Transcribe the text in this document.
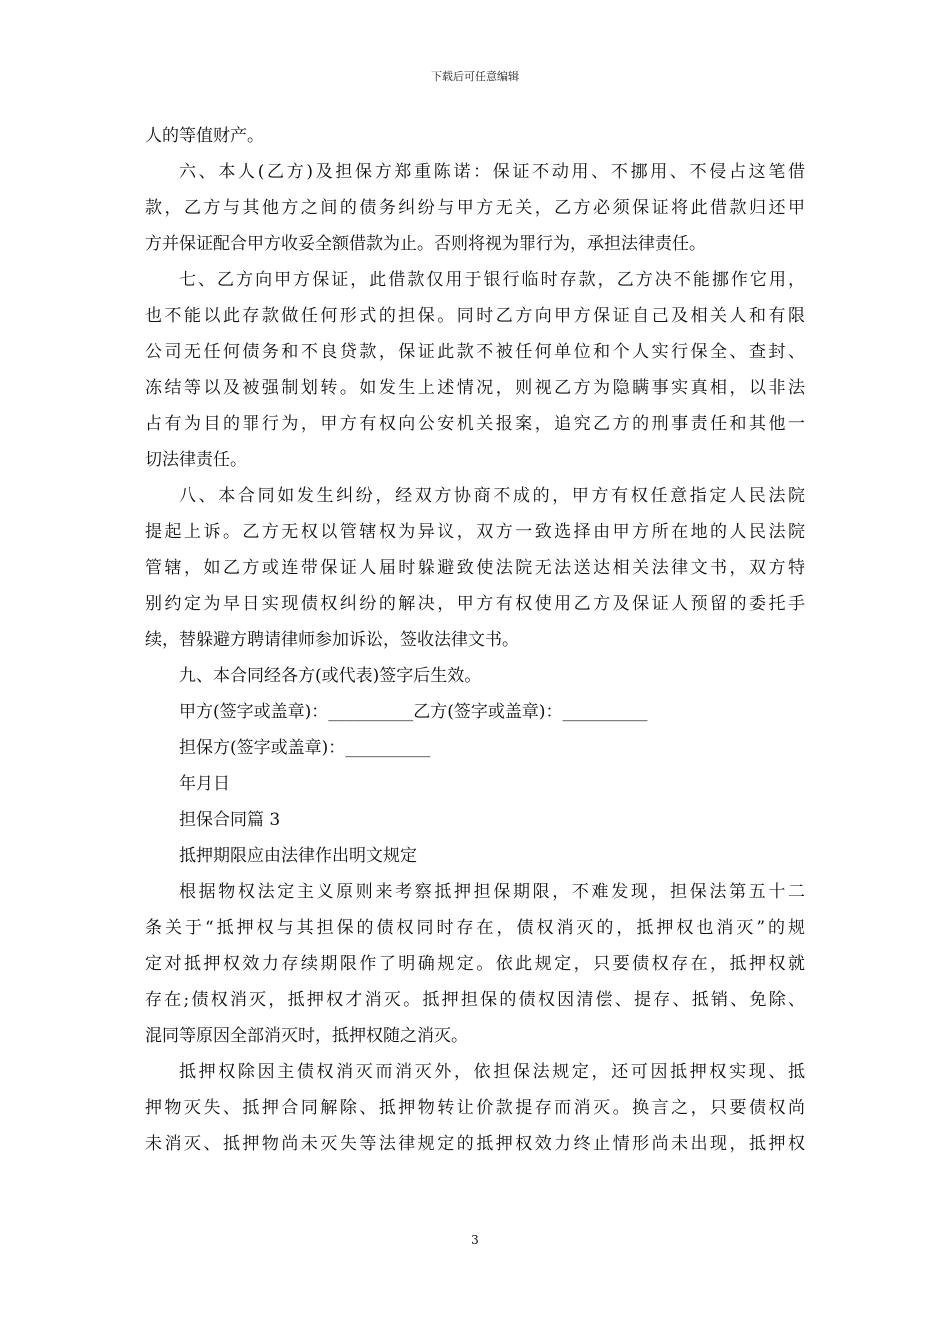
下载后可任意编辑
人的等值财产。
六、本人(乙方)及担保方郑重陈诺：保证不动用、不挪用、不侵占这笔借
款，乙方与其他方之间的债务纠纷与甲方无关，乙方必须保证将此借款归还甲
方并保证配合甲方收妥全额借款为止。否则将视为罪行为，承担法律责任。
七、乙方向甲方保证，此借款仅用于银行临时存款，乙方决不能挪作它用，
也不能以此存款做任何形式的担保。同时乙方向甲方保证自己及相关人和有限
公司无任何债务和不良贷款，保证此款不被任何单位和个人实行保全、查封、
冻结等以及被强制划转。如发生上述情况，则视乙方为隐瞒事实真相，以非法
占有为目的罪行为，甲方有权向公安机关报案，追究乙方的刑事责任和其他一
切法律责任。
八、本合同如发生纠纷，经双方协商不成的，甲方有权任意指定人民法院
提起上诉。乙方无权以管辖权为异议，双方一致选择由甲方所在地的人民法院
管辖，如乙方或连带保证人届时躲避致使法院无法送达相关法律文书，双方特
别约定为早日实现债权纠纷的解决，甲方有权使用乙方及保证人预留的委托手
续，替躲避方聘请律师参加诉讼，签收法律文书。
九、本合同经各方(或代表)签字后生效。
甲方(签字或盖章)：__________乙方(签字或盖章)：__________
担保方(签字或盖章)：__________
年月日
担保合同篇 3
抵押期限应由法律作出明文规定
根据物权法定主义原则来考察抵押担保期限，不难发现，担保法第五十二
条关于“抵押权与其担保的债权同时存在，债权消灭的，抵押权也消灭”的规
定对抵押权效力存续期限作了明确规定。依此规定，只要债权存在，抵押权就
存在;债权消灭，抵押权才消灭。抵押担保的债权因清偿、提存、抵销、免除、
混同等原因全部消灭时，抵押权随之消灭。
抵押权除因主债权消灭而消灭外，依担保法规定，还可因抵押权实现、抵
押物灭失、抵押合同解除、抵押物转让价款提存而消灭。换言之，只要债权尚
未消灭、抵押物尚未灭失等法律规定的抵押权效力终止情形尚未出现，抵押权
3
